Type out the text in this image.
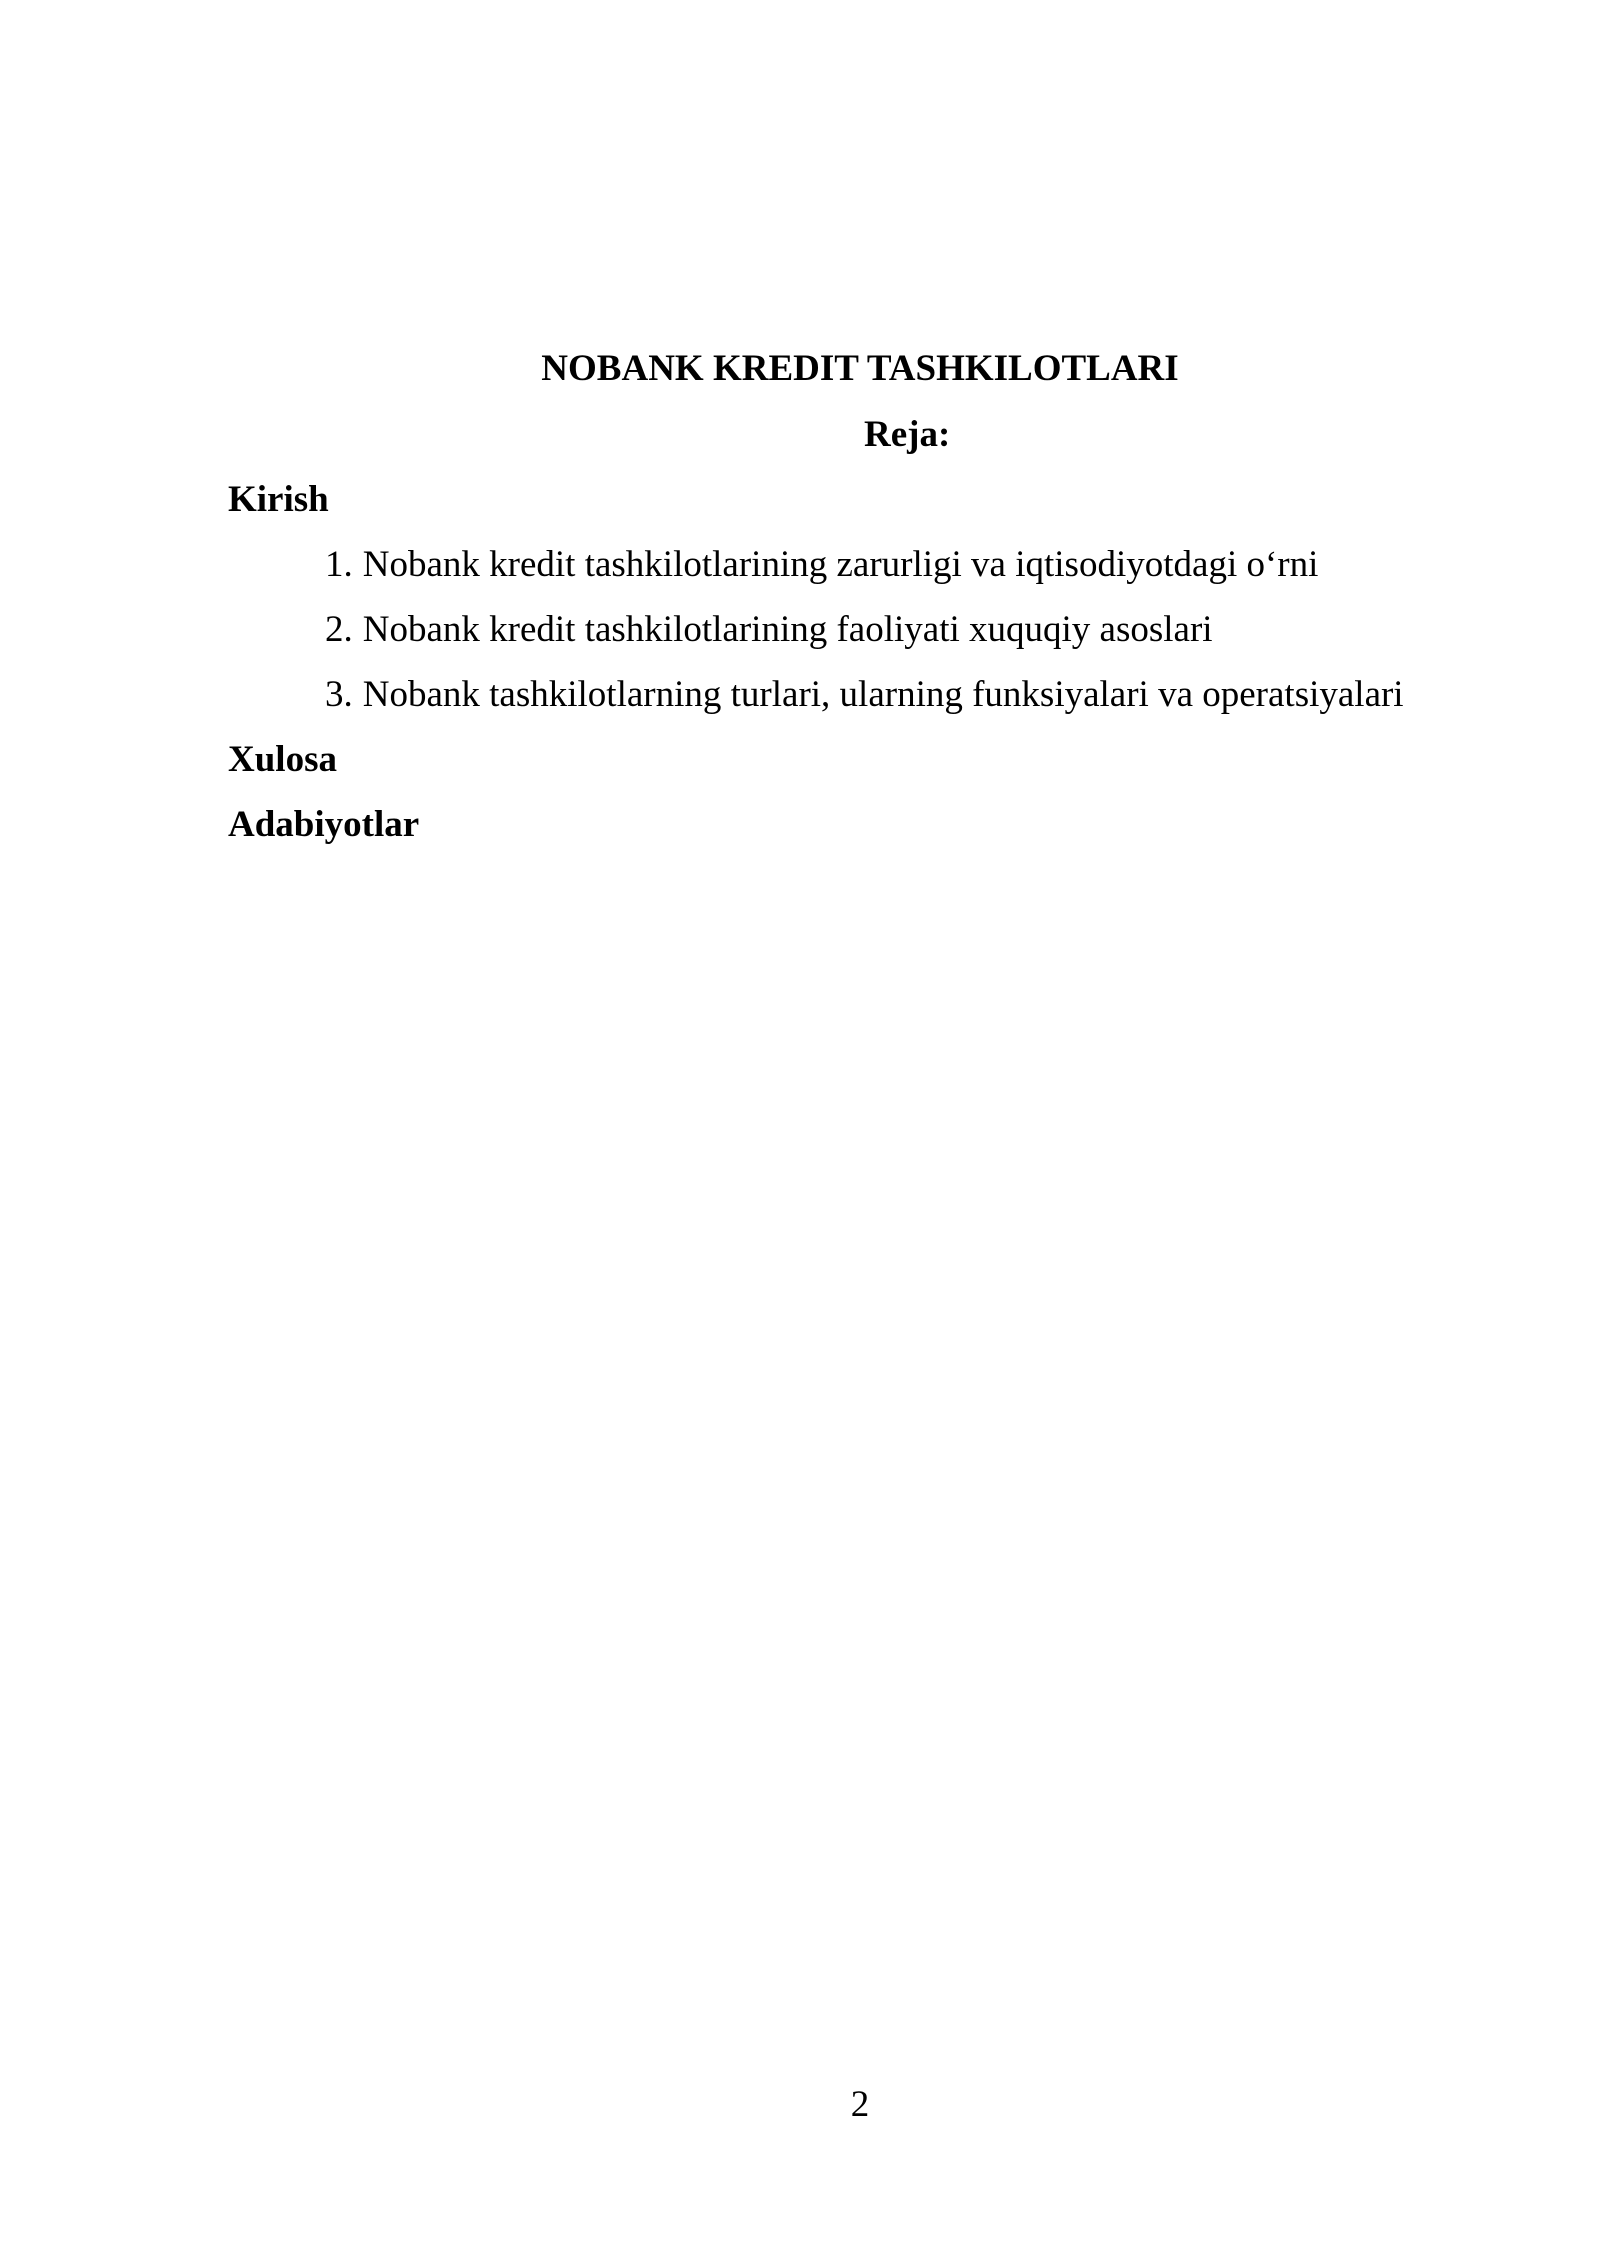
NOBANK KREDIT TASHKILOTLARI
Reja:

Kirish

1. Nobank kredit tashkilotlarining zarurligi va iqtisodiyotdagi o‘rni

2. Nobank kredit tashkilotlarining faoliyati xuquqiy asoslari

3. Nobank tashkilotlarning turlari, ularning funksiyalari va operatsiyalari

Xulosa

Adabiyotlar

2
